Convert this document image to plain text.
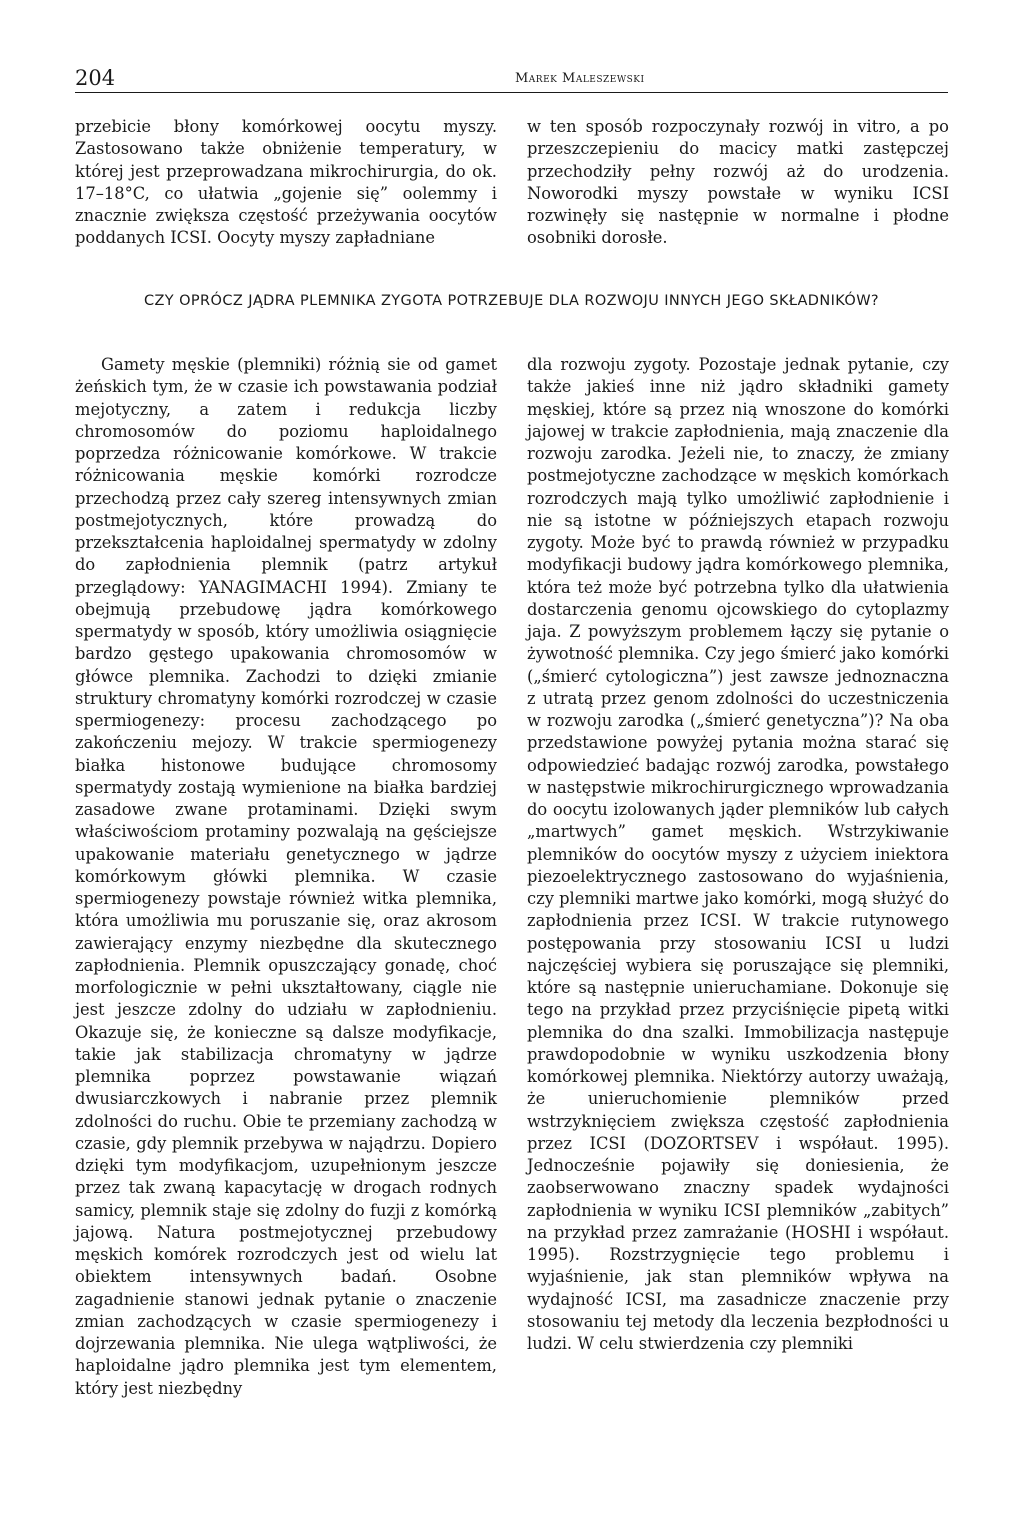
204	Marek Maleszewski

przebicie błony komórkowej oocytu myszy. Zastosowano także obniżenie temperatury, w której jest przeprowadzana mikrochirurgia, do ok. 17–18°C, co ułatwia „gojenie się” oolemmy i znacznie zwiększa częstość przeżywania oocytów poddanych ICSI. Oocyty myszy zapładniane

w ten sposób rozpoczynały rozwój in vitro, a po przeszczepieniu do macicy matki zastępczej przechodziły pełny rozwój aż do urodzenia. Noworodki myszy powstałe w wyniku ICSI rozwinęły się następnie w normalne i płodne osobniki dorosłe.

CZY OPRÓCZ JĄDRA PLEMNIKA ZYGOTA POTRZEBUJE DLA ROZWOJU INNYCH JEGO SKŁADNIKÓW?

Gamety męskie (plemniki) różnią sie od gamet żeńskich tym, że w czasie ich powstawania podział mejotyczny, a zatem i redukcja liczby chromosomów do poziomu haploidalnego poprzedza różnicowanie komórkowe. W trakcie różnicowania męskie komórki rozrodcze przechodzą przez cały szereg intensywnych zmian postmejotycznych, które prowadzą do przekształcenia haploidalnej spermatydy w zdolny do zapłodnienia plemnik (patrz artykuł przeglądowy: YANAGIMACHI 1994). Zmiany te obejmują przebudowę jądra komórkowego spermatydy w sposób, który umożliwia osiągnięcie bardzo gęstego upakowania chromosomów w główce plemnika. Zachodzi to dzięki zmianie struktury chromatyny komórki rozrodczej w czasie spermiogenezy: procesu zachodzącego po zakończeniu mejozy. W trakcie spermiogenezy białka histonowe budujące chromosomy spermatydy zostają wymienione na białka bardziej zasadowe zwane protaminami. Dzięki swym właściwościom protaminy pozwalają na gęściejsze upakowanie materiału genetycznego w jądrze komórkowym główki plemnika. W czasie spermiogenezy powstaje również witka plemnika, która umożliwia mu poruszanie się, oraz akrosom zawierający enzymy niezbędne dla skutecznego zapłodnienia. Plemnik opuszczający gonadę, choć morfologicznie w pełni ukształtowany, ciągle nie jest jeszcze zdolny do udziału w zapłodnieniu. Okazuje się, że konieczne są dalsze modyfikacje, takie jak stabilizacja chromatyny w jądrze plemnika poprzez powstawanie wiązań dwusiarczkowych i nabranie przez plemnik zdolności do ruchu. Obie te przemiany zachodzą w czasie, gdy plemnik przebywa w najądrzu. Dopiero dzięki tym modyfikacjom, uzupełnionym jeszcze przez tak zwaną kapacytację w drogach rodnych samicy, plemnik staje się zdolny do fuzji z komórką jajową. Natura postmejotycznej przebudowy męskich komórek rozrodczych jest od wielu lat obiektem intensywnych badań. Osobne zagadnienie stanowi jednak pytanie o znaczenie zmian zachodzących w czasie spermiogenezy i dojrzewania plemnika. Nie ulega wątpliwości, że haploidalne jądro plemnika jest tym elementem, który jest niezbędny

dla rozwoju zygoty. Pozostaje jednak pytanie, czy także jakieś inne niż jądro składniki gamety męskiej, które są przez nią wnoszone do komórki jajowej w trakcie zapłodnienia, mają znaczenie dla rozwoju zarodka. Jeżeli nie, to znaczy, że zmiany postmejotyczne zachodzące w męskich komórkach rozrodczych mają tylko umożliwić zapłodnienie i nie są istotne w późniejszych etapach rozwoju zygoty. Może być to prawdą również w przypadku modyfikacji budowy jądra komórkowego plemnika, która też może być potrzebna tylko dla ułatwienia dostarczenia genomu ojcowskiego do cytoplazmy jaja. Z powyższym problemem łączy się pytanie o żywotność plemnika. Czy jego śmierć jako komórki („śmierć cytologiczna”) jest zawsze jednoznaczna z utratą przez genom zdolności do uczestniczenia w rozwoju zarodka („śmierć genetyczna”)? Na oba przedstawione powyżej pytania można starać się odpowiedzieć badając rozwój zarodka, powstałego w następstwie mikrochirurgicznego wprowadzania do oocytu izolowanych jąder plemników lub całych „martwych” gamet męskich. Wstrzykiwanie plemników do oocytów myszy z użyciem iniektora piezoelektrycznego zastosowano do wyjaśnienia, czy plemniki martwe jako komórki, mogą służyć do zapłodnienia przez ICSI. W trakcie rutynowego postępowania przy stosowaniu ICSI u ludzi najczęściej wybiera się poruszające się plemniki, które są następnie unieruchamiane. Dokonuje się tego na przykład przez przyciśnięcie pipetą witki plemnika do dna szalki. Immobilizacja następuje prawdopodobnie w wyniku uszkodzenia błony komórkowej plemnika. Niektórzy autorzy uważają, że unieruchomienie plemników przed wstrzyknięciem zwiększa częstość zapłodnienia przez ICSI (DOZORTSEV i współaut. 1995). Jednocześnie pojawiły się doniesienia, że zaobserwowano znaczny spadek wydajności zapłodnienia w wyniku ICSI plemników „zabitych” na przykład przez zamrażanie (HOSHI i współaut. 1995). Rozstrzygnięcie tego problemu i wyjaśnienie, jak stan plemników wpływa na wydajność ICSI, ma zasadnicze znaczenie przy stosowaniu tej metody dla leczenia bezpłodności u ludzi. W celu stwierdzenia czy plemniki
